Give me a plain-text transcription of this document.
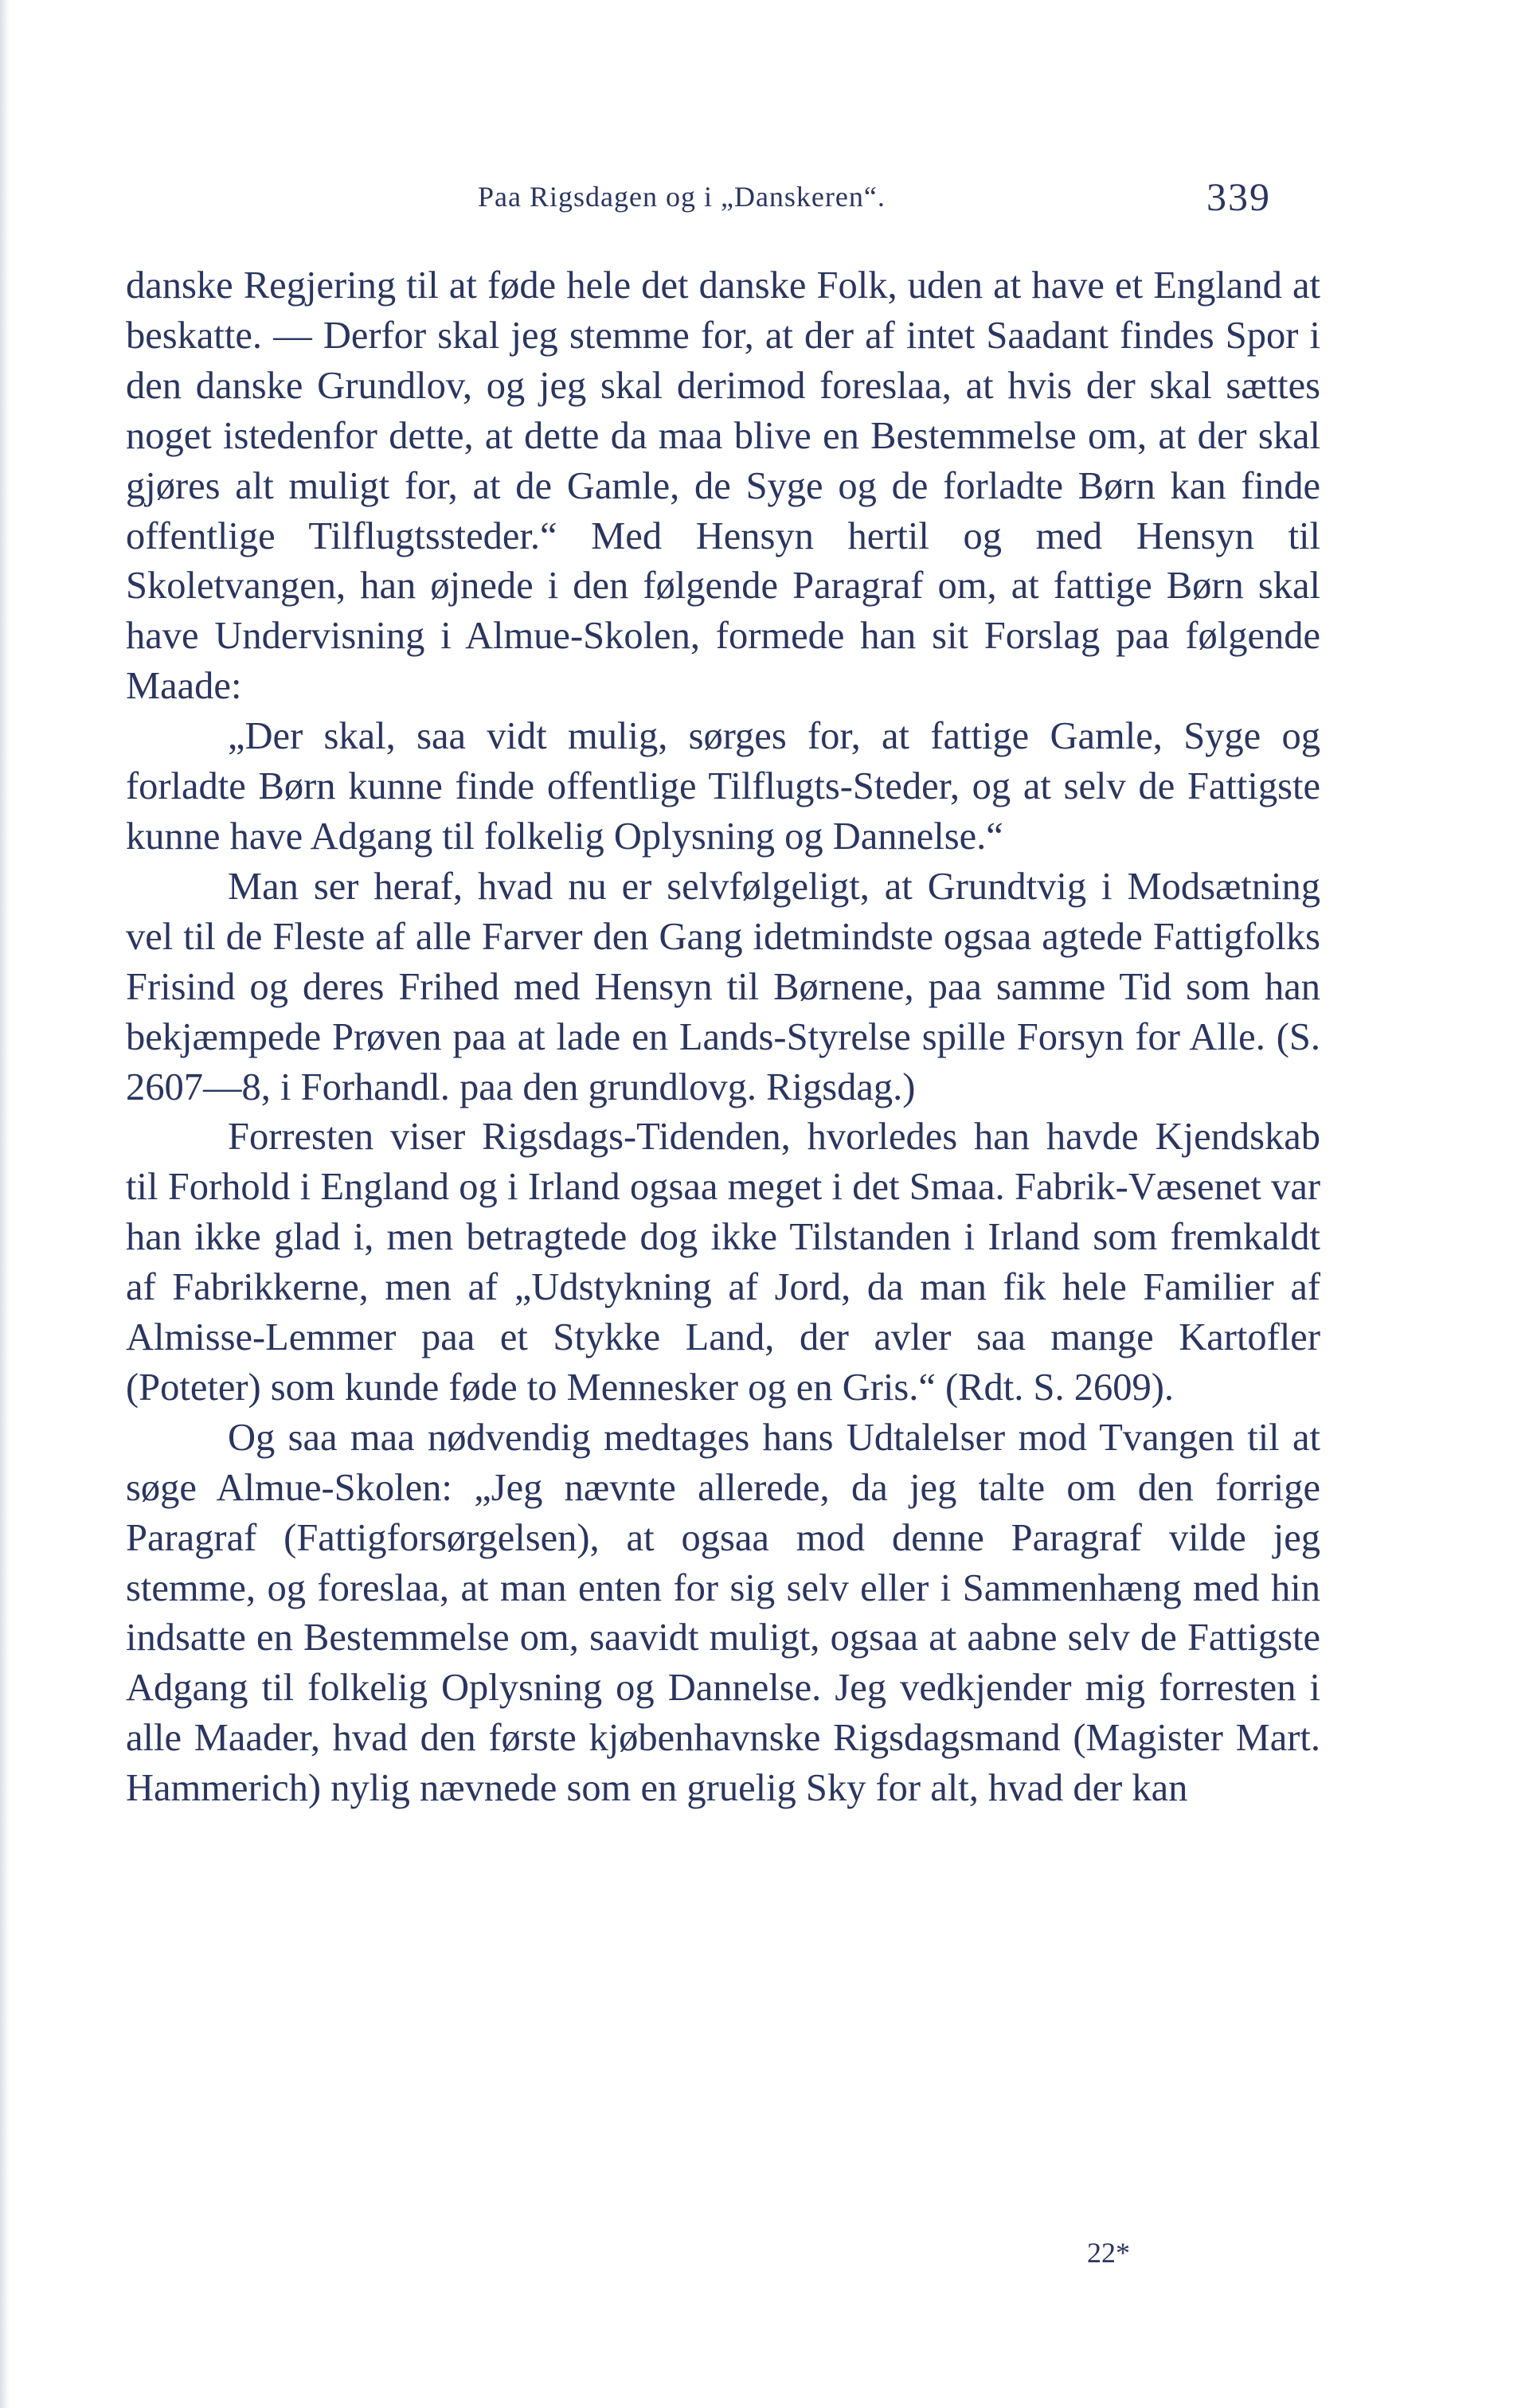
Paa Rigsdagen og i „Danskeren“.	339

danske Regjering til at føde hele det danske Folk, uden at have et England at beskatte. — Derfor skal jeg stemme for, at der af intet Saadant findes Spor i den danske Grundlov, og jeg skal derimod foreslaa, at hvis der skal sættes noget istedenfor dette, at dette da maa blive en Bestemmelse om, at der skal gjøres alt muligt for, at de Gamle, de Syge og de forladte Børn kan finde offentlige Tilflugtssteder.“ Med Hensyn hertil og med Hensyn til Skoletvangen, han øjnede i den følgende Paragraf om, at fattige Børn skal have Undervisning i Almue-Skolen, formede han sit Forslag paa følgende Maade:

„Der skal, saa vidt mulig, sørges for, at fattige Gamle, Syge og forladte Børn kunne finde offentlige Tilflugts-Steder, og at selv de Fattigste kunne have Adgang til folkelig Oplysning og Dannelse.“

Man ser heraf, hvad nu er selvfølgeligt, at Grundtvig i Modsætning vel til de Fleste af alle Farver den Gang idetmindste ogsaa agtede Fattigfolks Frisind og deres Frihed med Hensyn til Børnene, paa samme Tid som han bekjæmpede Prøven paa at lade en Lands-Styrelse spille Forsyn for Alle. (S. 2607—8, i Forhandl. paa den grundlovg. Rigsdag.)

Forresten viser Rigsdags-Tidenden, hvorledes han havde Kjendskab til Forhold i England og i Irland ogsaa meget i det Smaa. Fabrik-Væsenet var han ikke glad i, men betragtede dog ikke Tilstanden i Irland som fremkaldt af Fabrikkerne, men af „Udstykning af Jord, da man fik hele Familier af Almisse-Lemmer paa et Stykke Land, der avler saa mange Kartofler (Poteter) som kunde føde to Mennesker og en Gris.“ (Rdt. S. 2609).

Og saa maa nødvendig medtages hans Udtalelser mod Tvangen til at søge Almue-Skolen: „Jeg nævnte allerede, da jeg talte om den forrige Paragraf (Fattigforsørgelsen), at ogsaa mod denne Paragraf vilde jeg stemme, og foreslaa, at man enten for sig selv eller i Sammenhæng med hin indsatte en Bestemmelse om, saavidt muligt, ogsaa at aabne selv de Fattigste Adgang til folkelig Oplysning og Dannelse. Jeg vedkjender mig forresten i alle Maader, hvad den første kjøbenhavnske Rigsdagsmand (Magister Mart. Hammerich) nylig nævnede som en gruelig Sky for alt, hvad der kan

22*
